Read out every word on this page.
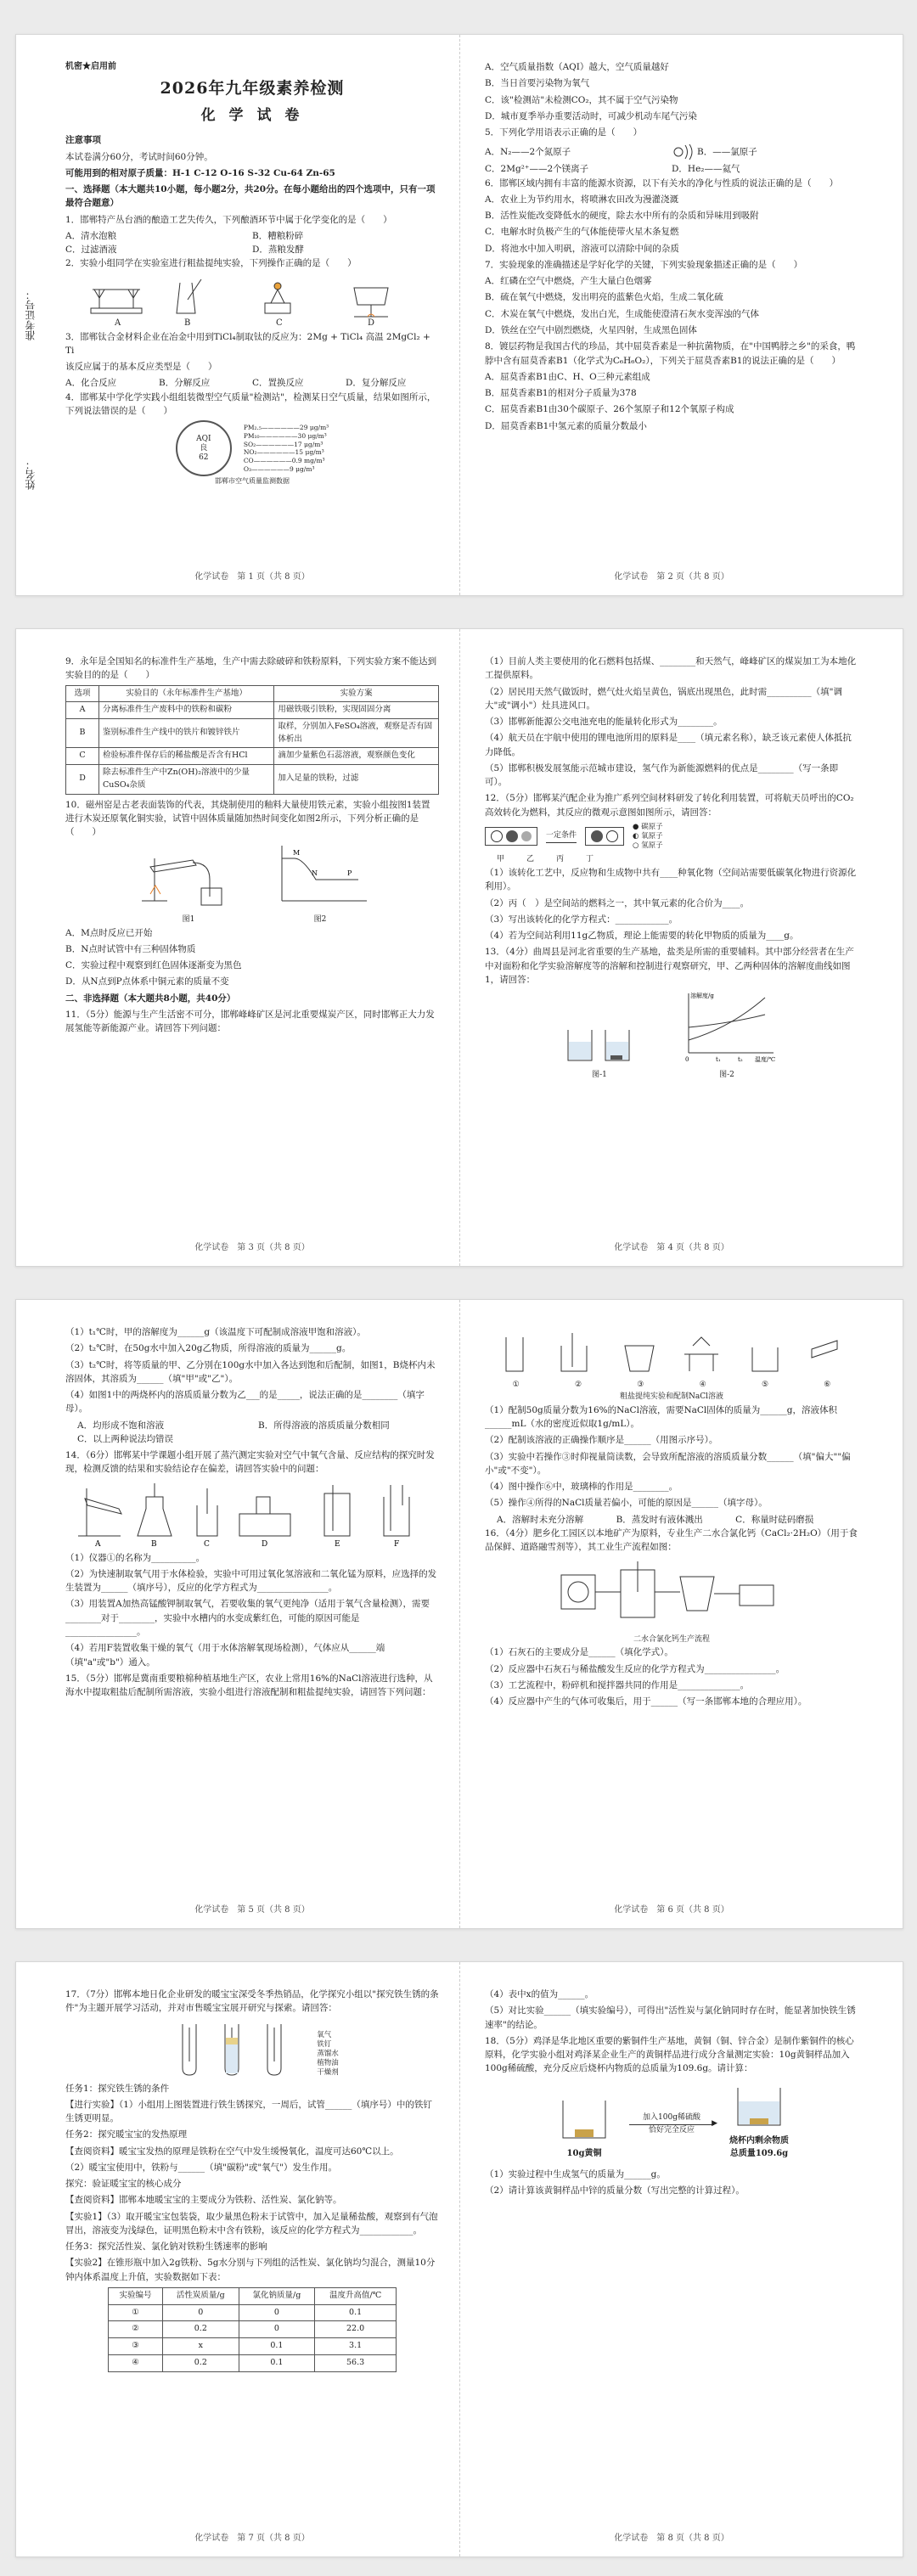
准考证号：
姓名：
机密★启用前
2026年九年级素养检测
化 学 试 卷
注意事项
本试卷满分60分，考试时间60分钟。
可能用到的相对原子质量：H-1 C-12 O-16 S-32 Cu-64 Zn-65
一、选择题（本大题共10小题，每小题2分，共20分。在每小题给出的四个选项中，只有一项最符合题意）
1．邯郸特产丛台酒的酿造工艺失传久，下列酿酒环节中属于化学变化的是（　　）
A．清水泡粮	B．糟粮粉碎
C．过滤酒液	D．蒸粮发酵
2．实验小组同学在实验室进行粗盐提纯实验，下列操作正确的是（　　）
A	B	C	D
3．邯郸钛合金材料企业在冶金中用到TiCl₄制取钛的反应为：2Mg + TiCl₄ 高温 2MgCl₂ + Ti
该反应属于的基本反应类型是（　　）
A．化合反应	B．分解反应	C．置换反应	D．复分解反应
4．邯郸某中学化学实践小组组装微型空气质量"检测站"，检测某日空气质量，结果如图所示，下列说法错误的是（　　）
AQI
良
62
PM₂.₅——————29 μg/m³
PM₁₀——————30 μg/m³
SO₂——————17 μg/m³
NO₂——————15 μg/m³
CO——————0.9 mg/m³
O₃——————9 μg/m³
邯郸市空气质量监测数据
A．空气质量指数（AQI）越大，空气质量越好
B．当日首要污染物为氧气
C．该"检测站"未检测CO₂，其不属于空气污染物
D．城市夏季举办重要活动时，可减少机动车尾气污染
5．下列化学用语表示正确的是（　　）
A．N₂——2个氮原子	B．——氯原子
C．2Mg²⁺——2个镁离子	D．He₂——氦气
6．邯郸区域内拥有丰富的能源水资源，以下有关水的净化与性质的说法正确的是（　　）
A．农业上为节约用水，将喷淋农田改为漫灌浇溉
B．活性炭能改变降低水的硬度，除去水中所有的杂质和异味用到吸附
C．电解水时负极产生的气体能使带火星木条复燃
D．将池水中加入明矾，溶液可以清除中间的杂质
7．实验现象的准确描述是学好化学的关键，下列实验现象描述正确的是（　　）
A．红磷在空气中燃烧，产生大量白色烟雾
B．硫在氧气中燃烧，发出明亮的蓝紫色火焰，生成二氧化硫
C．木炭在氧气中燃烧，发出白光，生成能使澄清石灰水变浑浊的气体
D．铁丝在空气中剧烈燃烧，火星四射，生成黑色固体
8．镀层药物是我国古代的珍品，其中屈莫香素是一种抗菌物质，在"中国鸭脖之乡"的采食，鸭脖中含有屈莫香素B1（化学式为C₆H₆O₂），下列关于屈莫香素B1的说法正确的是（　　）
A．屈莫香素B1由C、H、O三种元素组成
B．屈莫香素B1的相对分子质量为378
C．屈莫香素B1由30个碳原子、26个氢原子和12个氧原子构成
D．屈莫香素B1中氢元素的质量分数最小
化学试卷　第 1 页（共 8 页）	化学试卷　第 2 页（共 8 页）
9．永年是全国知名的标准件生产基地，生产中需去除破碎和铁粉原料，下列实验方案不能达到实验目的的是（　　）
选项	实验目的（永年标准件生产基地）	实验方案
A	分离标准件生产废料中的铁粉和碳粉	用磁铁吸引铁粉，实现固固分离
B	鉴别标准件生产线中的铁片和镀锌铁片	取样，分别加入FeSO₄溶液，观察是否有固体析出
C	检验标准件保存后的稀盐酸是否含有HCl	滴加少量紫色石蕊溶液，观察颜色变化
D	除去标准件生产中Zn(OH)₂溶液中的少量CuSO₄杂质	加入足量的铁粉，过滤
10．磁州窑是古老表面装饰的代表，其烧制使用的釉料大量使用铁元素，实验小组按图1装置进行木炭还原氧化铜实验，试管中固体质量随加热时间变化如图2所示，下列分析正确的是（　　）
图1
M
N	P
图2
A．M点时反应已开始
B．N点时试管中有三种固体物质
C．实验过程中观察到红色固体逐渐变为黑色
D．从N点到P点体系中铜元素的质量不变
二、非选择题（本大题共8小题，共40分）
11．（5分）能源与生产生活密不可分，邯郸峰峰矿区是河北重要煤炭产区，同时邯郸正大力发展氢能等新能源产业。请回答下列问题：
（1）目前人类主要使用的化石燃料包括煤、________和天然气，峰峰矿区的煤炭加工为本地化工提供原料。
（2）居民用天然气做饭时，燃气灶火焰呈黄色，锅底出现黑色，此时需__________（填"调大"或"调小"）灶具进风口。
（3）邯郸新能源公交电池充电的能量转化形式为________。
（4）航天员在宇航中使用的锂电池所用的原料是____（填元素名称），缺乏该元素使人体抵抗力降低。
（5）邯郸积极发展氢能示范城市建设，氢气作为新能源燃料的优点是________（写一条即可）。
12．（5分）邯郸某汽配企业为推广系列空间材料研发了转化利用装置，可将航天员呼出的CO₂高效转化为燃料，其反应的微观示意图如图所示，请回答：
一定条件
● 碳原子
◐ 氧原子
○ 氢原子
甲	乙	丙	丁
（1）该转化工艺中，反应物和生成物中共有____种氧化物（空间站需要低碳氧化物进行资源化利用）。
（2）丙（　）是空间站的燃料之一，其中氧元素的化合价为____。
（3）写出该转化的化学方程式：____________。
（4）若为空间站利用11g乙物质，理论上能需要的转化甲物质的质量为____g。
13．（4分）曲周县是河北省重要的生产基地，盐类是所需的重要辅料。其中部分经营者在生产中对面粉和化学实验溶解度等的溶解和控制进行观察研究，甲、乙两种固体的溶解度曲线如图1，请回答：
图-1
溶解度/g
0	t₁	t₂ 温度/℃
图-2
化学试卷　第 3 页（共 8 页）	化学试卷　第 4 页（共 8 页）
（1）t₁℃时，甲的溶解度为______g（该温度下可配制成溶液甲饱和溶液）。
（2）t₂℃时，在50g水中加入20g乙物质，所得溶液的质量为______g。
（3）t₂℃时，将等质量的甲、乙分别在100g水中加入各达到饱和后配制，如图1，B烧杯内未溶固体，其溶质为______（填"甲"或"乙"）。
（4）如图1中的两烧杯内的溶质质量分数为乙___的是_____，说法正确的是________（填字母）。
A．均形成不饱和溶液	B．所得溶液的溶质质量分数相同
C．以上两种说法均错误
14．（6分）邯郸某中学课题小组开展了蒸汽测定实验对空气中氧气含量、反应结构的探究时发现，检测反馈的结果和实验结论存在偏差，请回答实验中的问题：
A	B	C	D	E	F
（1）仪器①的名称为__________。
（2）为快速制取氧气用于水体检验，实验中可用过氧化氢溶液和二氧化锰为原料，应选择的发生装置为______（填序号），反应的化学方程式为________________。
（3）用装置A加热高锰酸钾制取氧气，若要收集的氧气更纯净（适用于氧气含量检测），需要________对于________，实验中水槽内的水变成紫红色，可能的原因可能是________________。
（4）若用F装置收集干燥的氧气（用于水体溶解氧现场检测），气体应从______端（填"a"或"b"）通入。
15．（5分）邯郸是冀南重要粮棉种植基地生产区，农业上常用16%的NaCl溶液进行选种，从海水中提取粗盐后配制所需溶液，实验小组进行溶液配制和粗盐提纯实验，请回答下列问题：
①	②	③	④	⑤	⑥
粗盐提纯实验和配制NaCl溶液
（1）配制50g质量分数为16%的NaCl溶液，需要NaCl固体的质量为______g，溶液体积______mL（水的密度近似取1g/mL）。
（2）配制该溶液的正确操作顺序是______（用图示序号）。
（3）实验中若操作③时仰视量筒读数，会导致所配溶液的溶质质量分数______（填"偏大""偏小"或"不变"）。
（4）图中操作⑥中，玻璃棒的作用是________。
（5）操作④所得的NaCl质量若偏小，可能的原因是______（填字母）。
A．溶解时未充分溶解	B．蒸发时有液体溅出	C．称量时砝码磨损
16．（4分）肥乡化工园区以本地矿产为原料，专业生产二水合氯化钙（CaCl₂·2H₂O）（用于食品保鲜、道路融雪剂等），其工业生产流程如图：
二水合氯化钙生产流程
（1）石灰石的主要成分是______（填化学式）。
（2）反应器中石灰石与稀盐酸发生反应的化学方程式为________________。
（3）工艺流程中，粉碎机和搅拌器共同的作用是______________。
（4）反应器中产生的气体可收集后，用于______（写一条邯郸本地的合理应用）。
化学试卷　第 5 页（共 8 页）	化学试卷　第 6 页（共 8 页）
17．（7分）邯郸本地日化企业研发的暖宝宝深受冬季热销品，化学探究小组以"探究铁生锈的条件"为主题开展学习活动，并对市售暖宝宝展开研究与探索。请回答：
氧气
铁钉
蒸馏水
植物油
干燥剂
任务1：探究铁生锈的条件
【进行实验】（1）小组用上图装置进行铁生锈探究，一周后，试管______（填序号）中的铁钉生锈更明显。
任务2：探究暖宝宝的发热原理
【查阅资料】暖宝宝发热的原理是铁粉在空气中发生缓慢氧化，温度可达60℃以上。
（2）暖宝宝使用中，铁粉与______（填"碳粉"或"氧气"）发生作用。
探究：验证暖宝宝的核心成分
【查阅资料】邯郸本地暖宝宝的主要成分为铁粉、活性炭、氯化钠等。
【实验1】（3）取开暖宝宝包装袋，取少量黑色粉末于试管中，加入足量稀盐酸，观察到有气泡冒出，溶液变为浅绿色，证明黑色粉末中含有铁粉，该反应的化学方程式为____________。
任务3：探究活性炭、氯化钠对铁粉生锈速率的影响
【实验2】在锥形瓶中加入2g铁粉、5g水分别与下列组的活性炭、氯化钠均匀混合，测量10分钟内体系温度上升值，实验数据如下表：
实验编号	活性炭质量/g	氯化钠质量/g	温度升高值/℃
①	0	0	0.1
②	0.2	0	22.0
③	x	0.1	3.1
④	0.2	0.1	56.3
（4）表中x的值为______。
（5）对比实验______（填实验编号），可得出"活性炭与氯化钠同时存在时，能显著加快铁生锈速率"的结论。
18．（5分）鸡泽是华北地区重要的紫铜件生产基地，黄铜（铜、锌合金）是制作紫铜件的核心原料，化学实验小组对鸡泽某企业生产的黄铜样品进行成分含量测定实验：10g黄铜样品加入100g稀硫酸，充分反应后烧杯内物质的总质量为109.6g。请计算：
10g黄铜
加入100g稀硫酸
▶
恰好完全反应
烧杯内剩余物质
总质量109.6g
（1）实验过程中生成氢气的质量为______g。
（2）请计算该黄铜样品中锌的质量分数（写出完整的计算过程）。
化学试卷　第 7 页（共 8 页）	化学试卷　第 8 页（共 8 页）
